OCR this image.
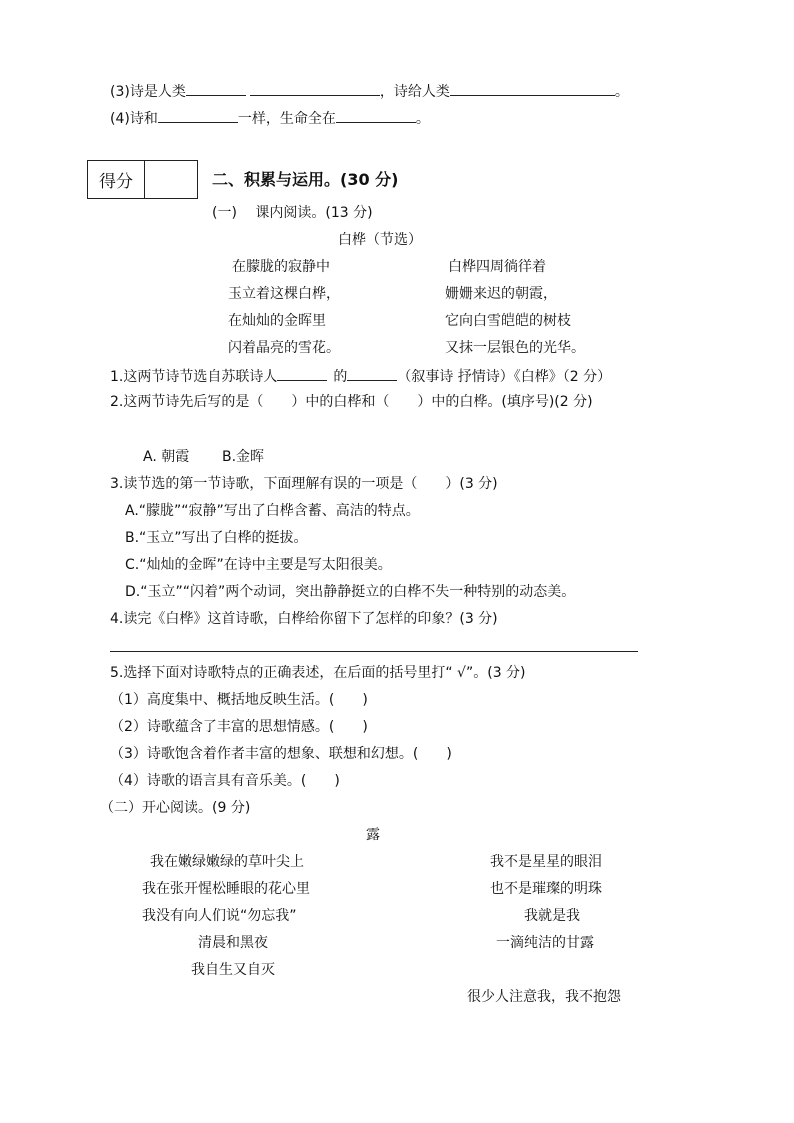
(3)诗是人类	，诗给人类	。
(4)诗和	一样，生命全在	。
得分	二、积累与运用。(30 分)
(一)　 课内阅读。(13 分)
白桦（节选）
在朦胧的寂静中
玉立着这棵白桦，
在灿灿的金晖里
闪着晶亮的雪花。
白桦四周徜徉着
姗姗来迟的朝霞，
它向白雪皑皑的树枝
又抹一层银色的光华。
1.这两节诗节选自苏联诗人	的	（叙事诗 抒情诗）《白桦》（2 分）
2.这两节诗先后写的是（　　）中的白桦和（　　）中的白桦。(填序号)(2 分)
A. 朝霞 B.金晖
3.读节选的第一节诗歌，下面理解有误的一项是（　　）(3 分)
A.“朦胧”“寂静”写出了白桦含蓄、高洁的特点。
B.“玉立”写出了白桦的挺拔。
C.“灿灿的金晖”在诗中主要是写太阳很美。
D.“玉立”“闪着”两个动词，突出静静挺立的白桦不失一种特别的动态美。
4.读完《白桦》这首诗歌，白桦给你留下了怎样的印象？(3 分)
5.选择下面对诗歌特点的正确表述，在后面的括号里打“ √”。(3 分)
（1）高度集中、概括地反映生活。(　　)
（2）诗歌蕴含了丰富的思想情感。(　　)
（3）诗歌饱含着作者丰富的想象、联想和幻想。(　　)
（4）诗歌的语言具有音乐美。(　　)
（二）开心阅读。(9 分)
露
我在嫩绿嫩绿的草叶尖上
我在张开惺松睡眼的花心里
我没有向人们说“勿忘我”
清晨和黑夜
我自生又自灭
我不是星星的眼泪
也不是璀璨的明珠
我就是我
一滴纯洁的甘露
很少人注意我，我不抱怨
